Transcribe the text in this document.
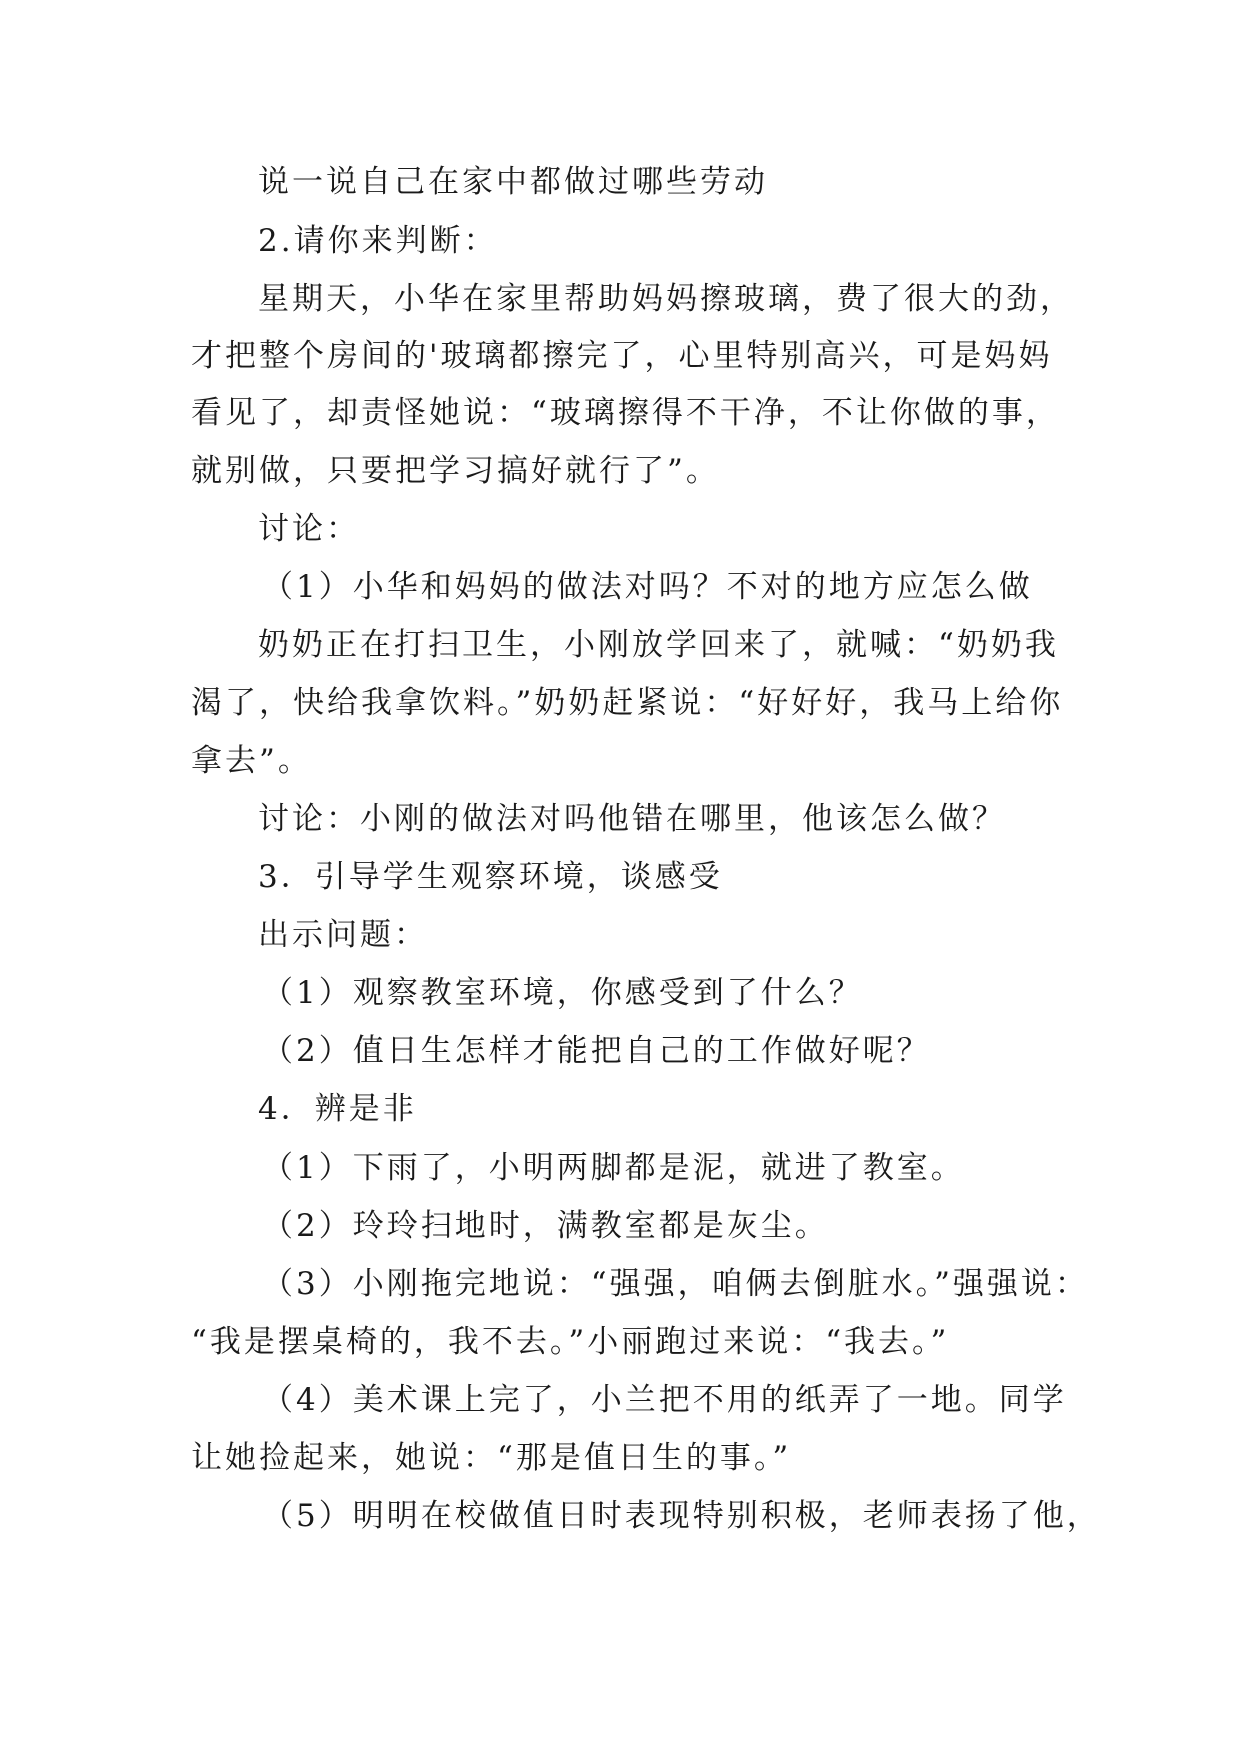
说一说自己在家中都做过哪些劳动

2.请你来判断：

星期天，小华在家里帮助妈妈擦玻璃，费了很大的劲，

才把整个房间的'玻璃都擦完了，心里特别高兴，可是妈妈

看见了，却责怪她说：“玻璃擦得不干净，不让你做的事，

就别做，只要把学习搞好就行了”。

讨论：

（1）小华和妈妈的做法对吗？不对的地方应怎么做

奶奶正在打扫卫生，小刚放学回来了，就喊：“奶奶我

渴了，快给我拿饮料。”奶奶赶紧说：“好好好，我马上给你

拿去”。

讨论：小刚的做法对吗他错在哪里，他该怎么做？

3．引导学生观察环境，谈感受

出示问题：

（1）观察教室环境，你感受到了什么？

（2）值日生怎样才能把自己的工作做好呢？

4．辨是非

（1）下雨了，小明两脚都是泥，就进了教室。

（2）玲玲扫地时，满教室都是灰尘。

（3）小刚拖完地说：“强强，咱俩去倒脏水。”强强说：

“我是摆桌椅的，我不去。”小丽跑过来说：“我去。”

（4）美术课上完了，小兰把不用的纸弄了一地。同学

让她捡起来，她说：“那是值日生的事。”

（5）明明在校做值日时表现特别积极，老师表扬了他，
